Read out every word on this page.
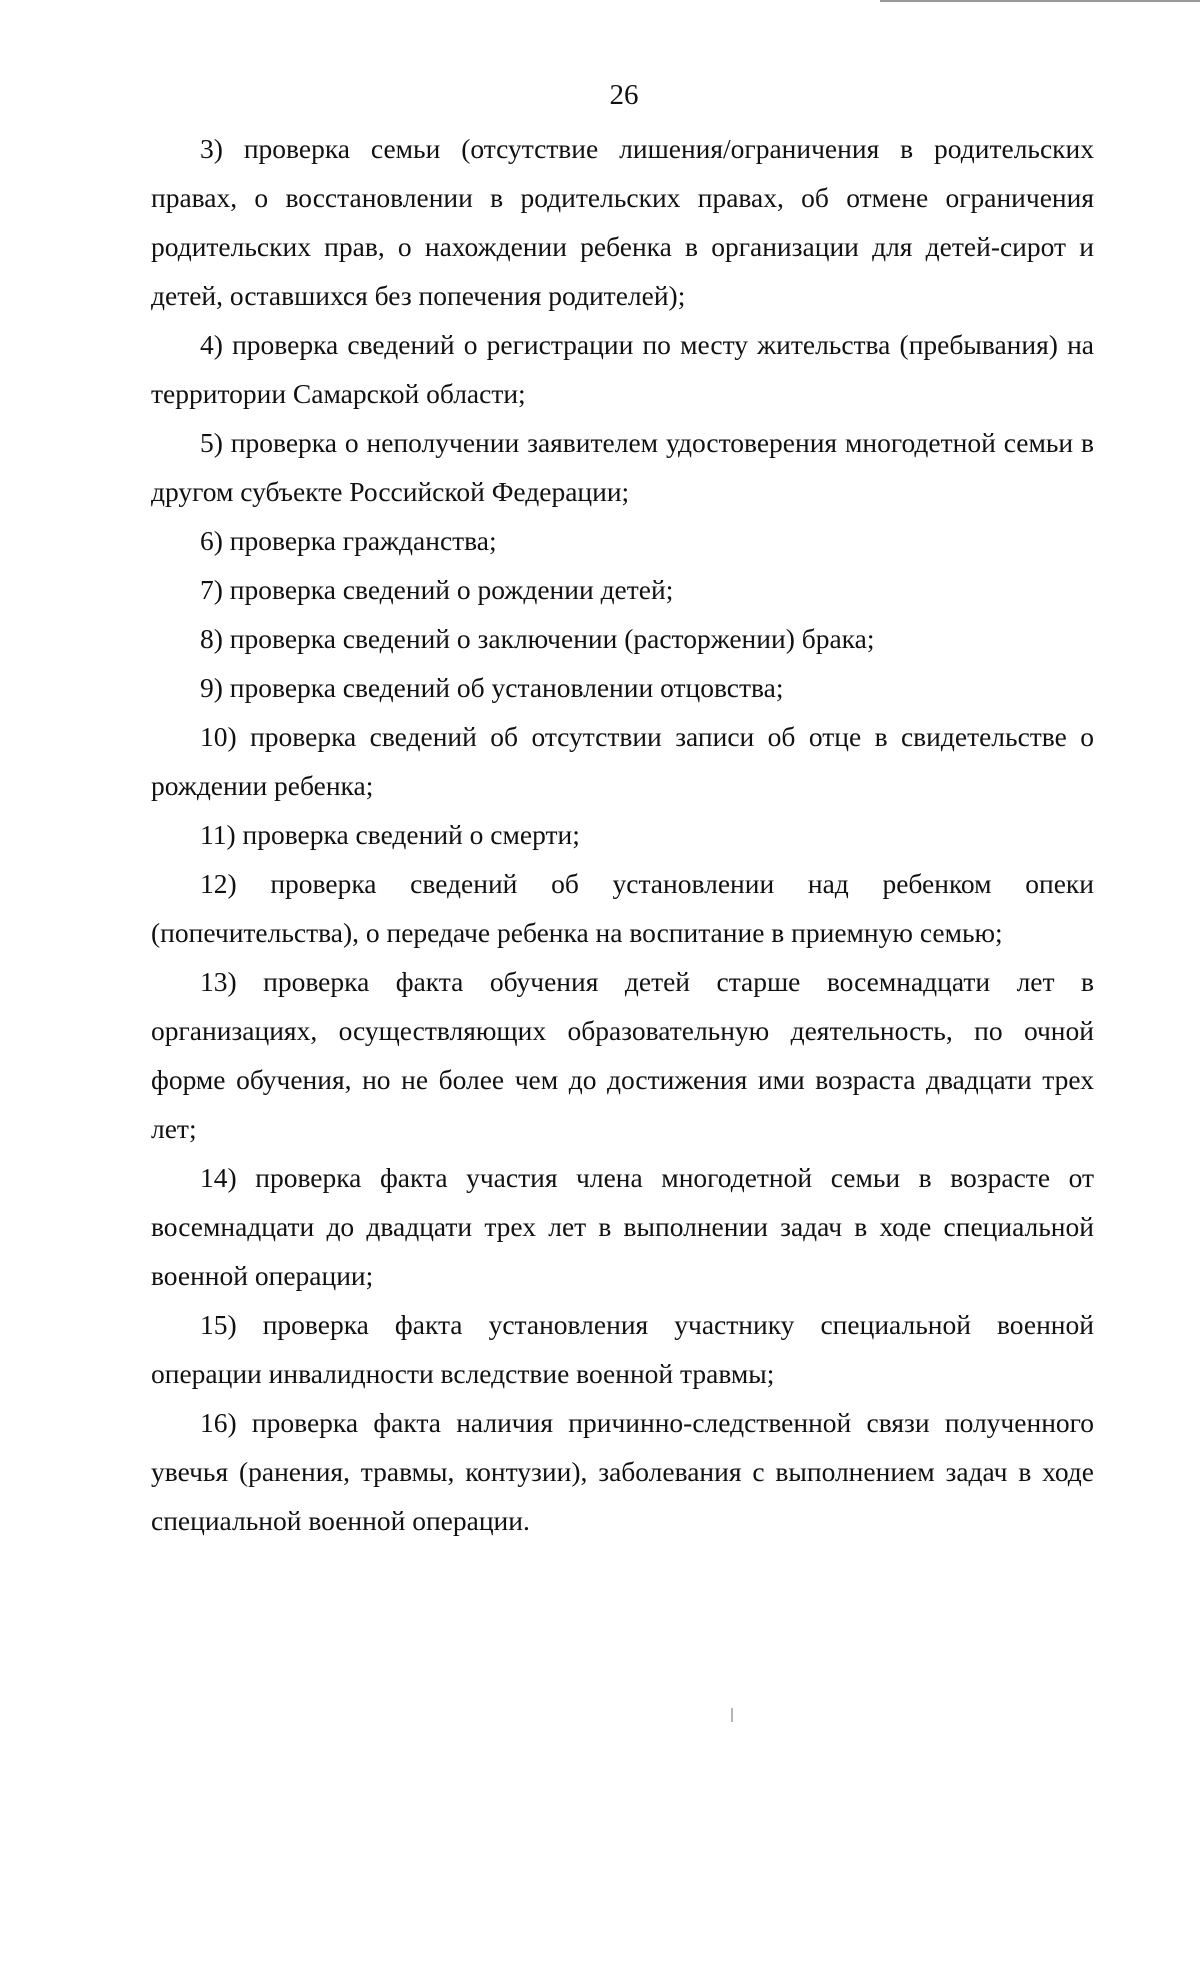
26

3) проверка семьи (отсутствие лишения/ограничения в родительских правах, о восстановлении в родительских правах, об отмене ограничения родительских прав, о нахождении ребенка в организации для детей-сирот и детей, оставшихся без попечения родителей);

4) проверка сведений о регистрации по месту жительства (пребывания) на территории Самарской области;

5) проверка о неполучении заявителем удостоверения многодетной семьи в другом субъекте Российской Федерации;

6) проверка гражданства;

7) проверка сведений о рождении детей;

8) проверка сведений о заключении (расторжении) брака;

9) проверка сведений об установлении отцовства;

10) проверка сведений об отсутствии записи об отце в свидетельстве о рождении ребенка;

11) проверка сведений о смерти;

12) проверка сведений об установлении над ребенком опеки (попечительства), о передаче ребенка на воспитание в приемную семью;

13) проверка факта обучения детей старше восемнадцати лет в организациях, осуществляющих образовательную деятельность, по очной форме обучения, но не более чем до достижения ими возраста двадцати трех лет;

14) проверка факта участия члена многодетной семьи в возрасте от восемнадцати до двадцати трех лет в выполнении задач в ходе специальной военной операции;

15) проверка факта установления участнику специальной военной операции инвалидности вследствие военной травмы;

16) проверка факта наличия причинно-следственной связи полученного увечья (ранения, травмы, контузии), заболевания с выполнением задач в ходе специальной военной операции.
